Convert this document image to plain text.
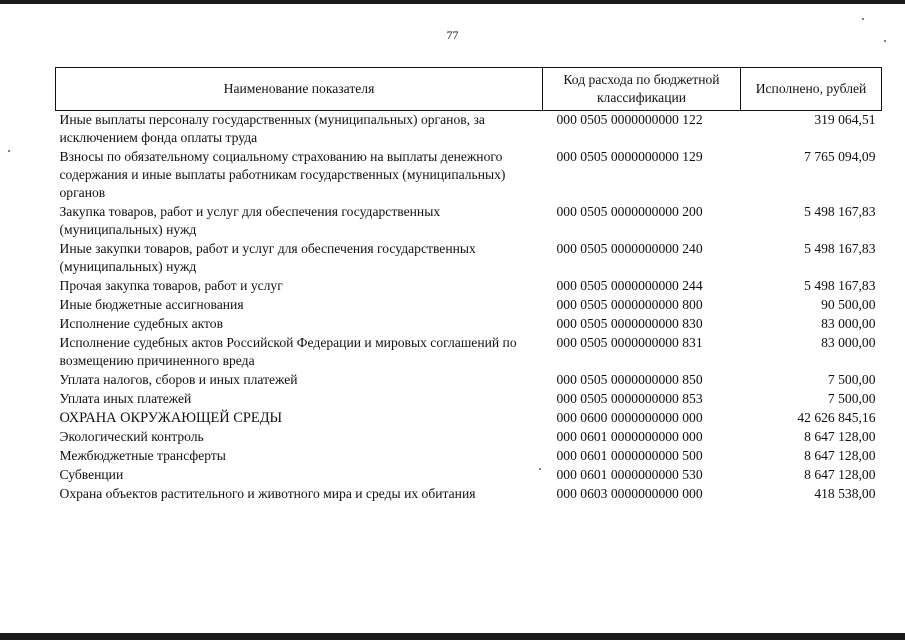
77
Наименование показателя	Код расхода по бюджетной классификации	Исполнено, рублей
Иные выплаты персоналу государственных (муниципальных) органов, за исключением фонда оплаты труда	000 0505 0000000000 122	319 064,51
Взносы по обязательному социальному страхованию на выплаты денежного содержания и иные выплаты работникам государственных (муниципальных) органов	000 0505 0000000000 129	7 765 094,09
Закупка товаров, работ и услуг для обеспечения государственных (муниципальных) нужд	000 0505 0000000000 200	5 498 167,83
Иные закупки товаров, работ и услуг для обеспечения государственных (муниципальных) нужд	000 0505 0000000000 240	5 498 167,83
Прочая закупка товаров, работ и услуг	000 0505 0000000000 244	5 498 167,83
Иные бюджетные ассигнования	000 0505 0000000000 800	90 500,00
Исполнение судебных актов	000 0505 0000000000 830	83 000,00
Исполнение судебных актов Российской Федерации и мировых соглашений по возмещению причиненного вреда	000 0505 0000000000 831	83 000,00
Уплата налогов, сборов и иных платежей	000 0505 0000000000 850	7 500,00
Уплата иных платежей	000 0505 0000000000 853	7 500,00
ОХРАНА ОКРУЖАЮЩЕЙ СРЕДЫ	000 0600 0000000000 000	42 626 845,16
Экологический контроль	000 0601 0000000000 000	8 647 128,00
Межбюджетные трансферты	000 0601 0000000000 500	8 647 128,00
Субвенции	000 0601 0000000000 530	8 647 128,00
Охрана объектов растительного и животного мира и среды их обитания	000 0603 0000000000 000	418 538,00
